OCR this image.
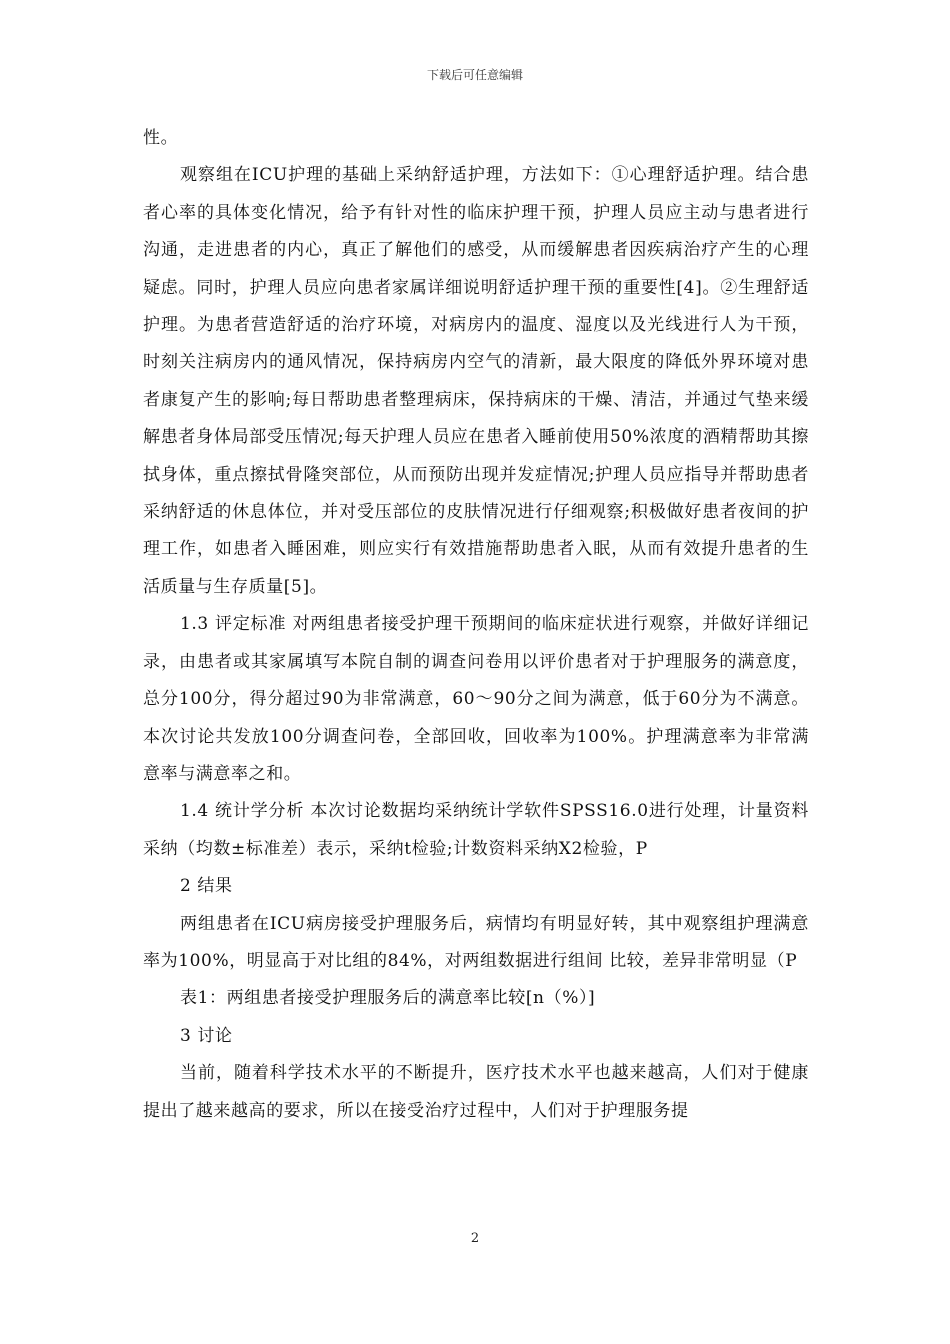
下载后可任意编辑

性。

观察组在ICU护理的基础上采纳舒适护理，方法如下：①心理舒适护理。结合患者心率的具体变化情况，给予有针对性的临床护理干预，护理人员应主动与患者进行沟通，走进患者的内心，真正了解他们的感受，从而缓解患者因疾病治疗产生的心理疑虑。同时，护理人员应向患者家属详细说明舒适护理干预的重要性[4]。②生理舒适护理。为患者营造舒适的治疗环境，对病房内的温度、湿度以及光线进行人为干预，时刻关注病房内的通风情况，保持病房内空气的清新，最大限度的降低外界环境对患者康复产生的影响;每日帮助患者整理病床，保持病床的干燥、清洁，并通过气垫来缓解患者身体局部受压情况;每天护理人员应在患者入睡前使用50%浓度的酒精帮助其擦拭身体，重点擦拭骨隆突部位，从而预防出现并发症情况;护理人员应指导并帮助患者采纳舒适的休息体位，并对受压部位的皮肤情况进行仔细观察;积极做好患者夜间的护理工作，如患者入睡困难，则应实行有效措施帮助患者入眠，从而有效提升患者的生活质量与生存质量[5]。

1.3 评定标准 对两组患者接受护理干预期间的临床症状进行观察，并做好详细记录，由患者或其家属填写本院自制的调查问卷用以评价患者对于护理服务的满意度，总分100分，得分超过90为非常满意，60～90分之间为满意，低于60分为不满意。本次讨论共发放100分调查问卷，全部回收，回收率为100%。护理满意率为非常满意率与满意率之和。

1.4 统计学分析 本次讨论数据均采纳统计学软件SPSS16.0进行处理，计量资料采纳（均数±标准差）表示，采纳t检验;计数资料采纳X2检验，P

2 结果

两组患者在ICU病房接受护理服务后，病情均有明显好转，其中观察组护理满意率为100%，明显高于对比组的84%，对两组数据进行组间 比较，差异非常明显（P

表1：两组患者接受护理服务后的满意率比较[n（%）]

3 讨论

当前，随着科学技术水平的不断提升，医疗技术水平也越来越高，人们对于健康提出了越来越高的要求，所以在接受治疗过程中，人们对于护理服务提

2
